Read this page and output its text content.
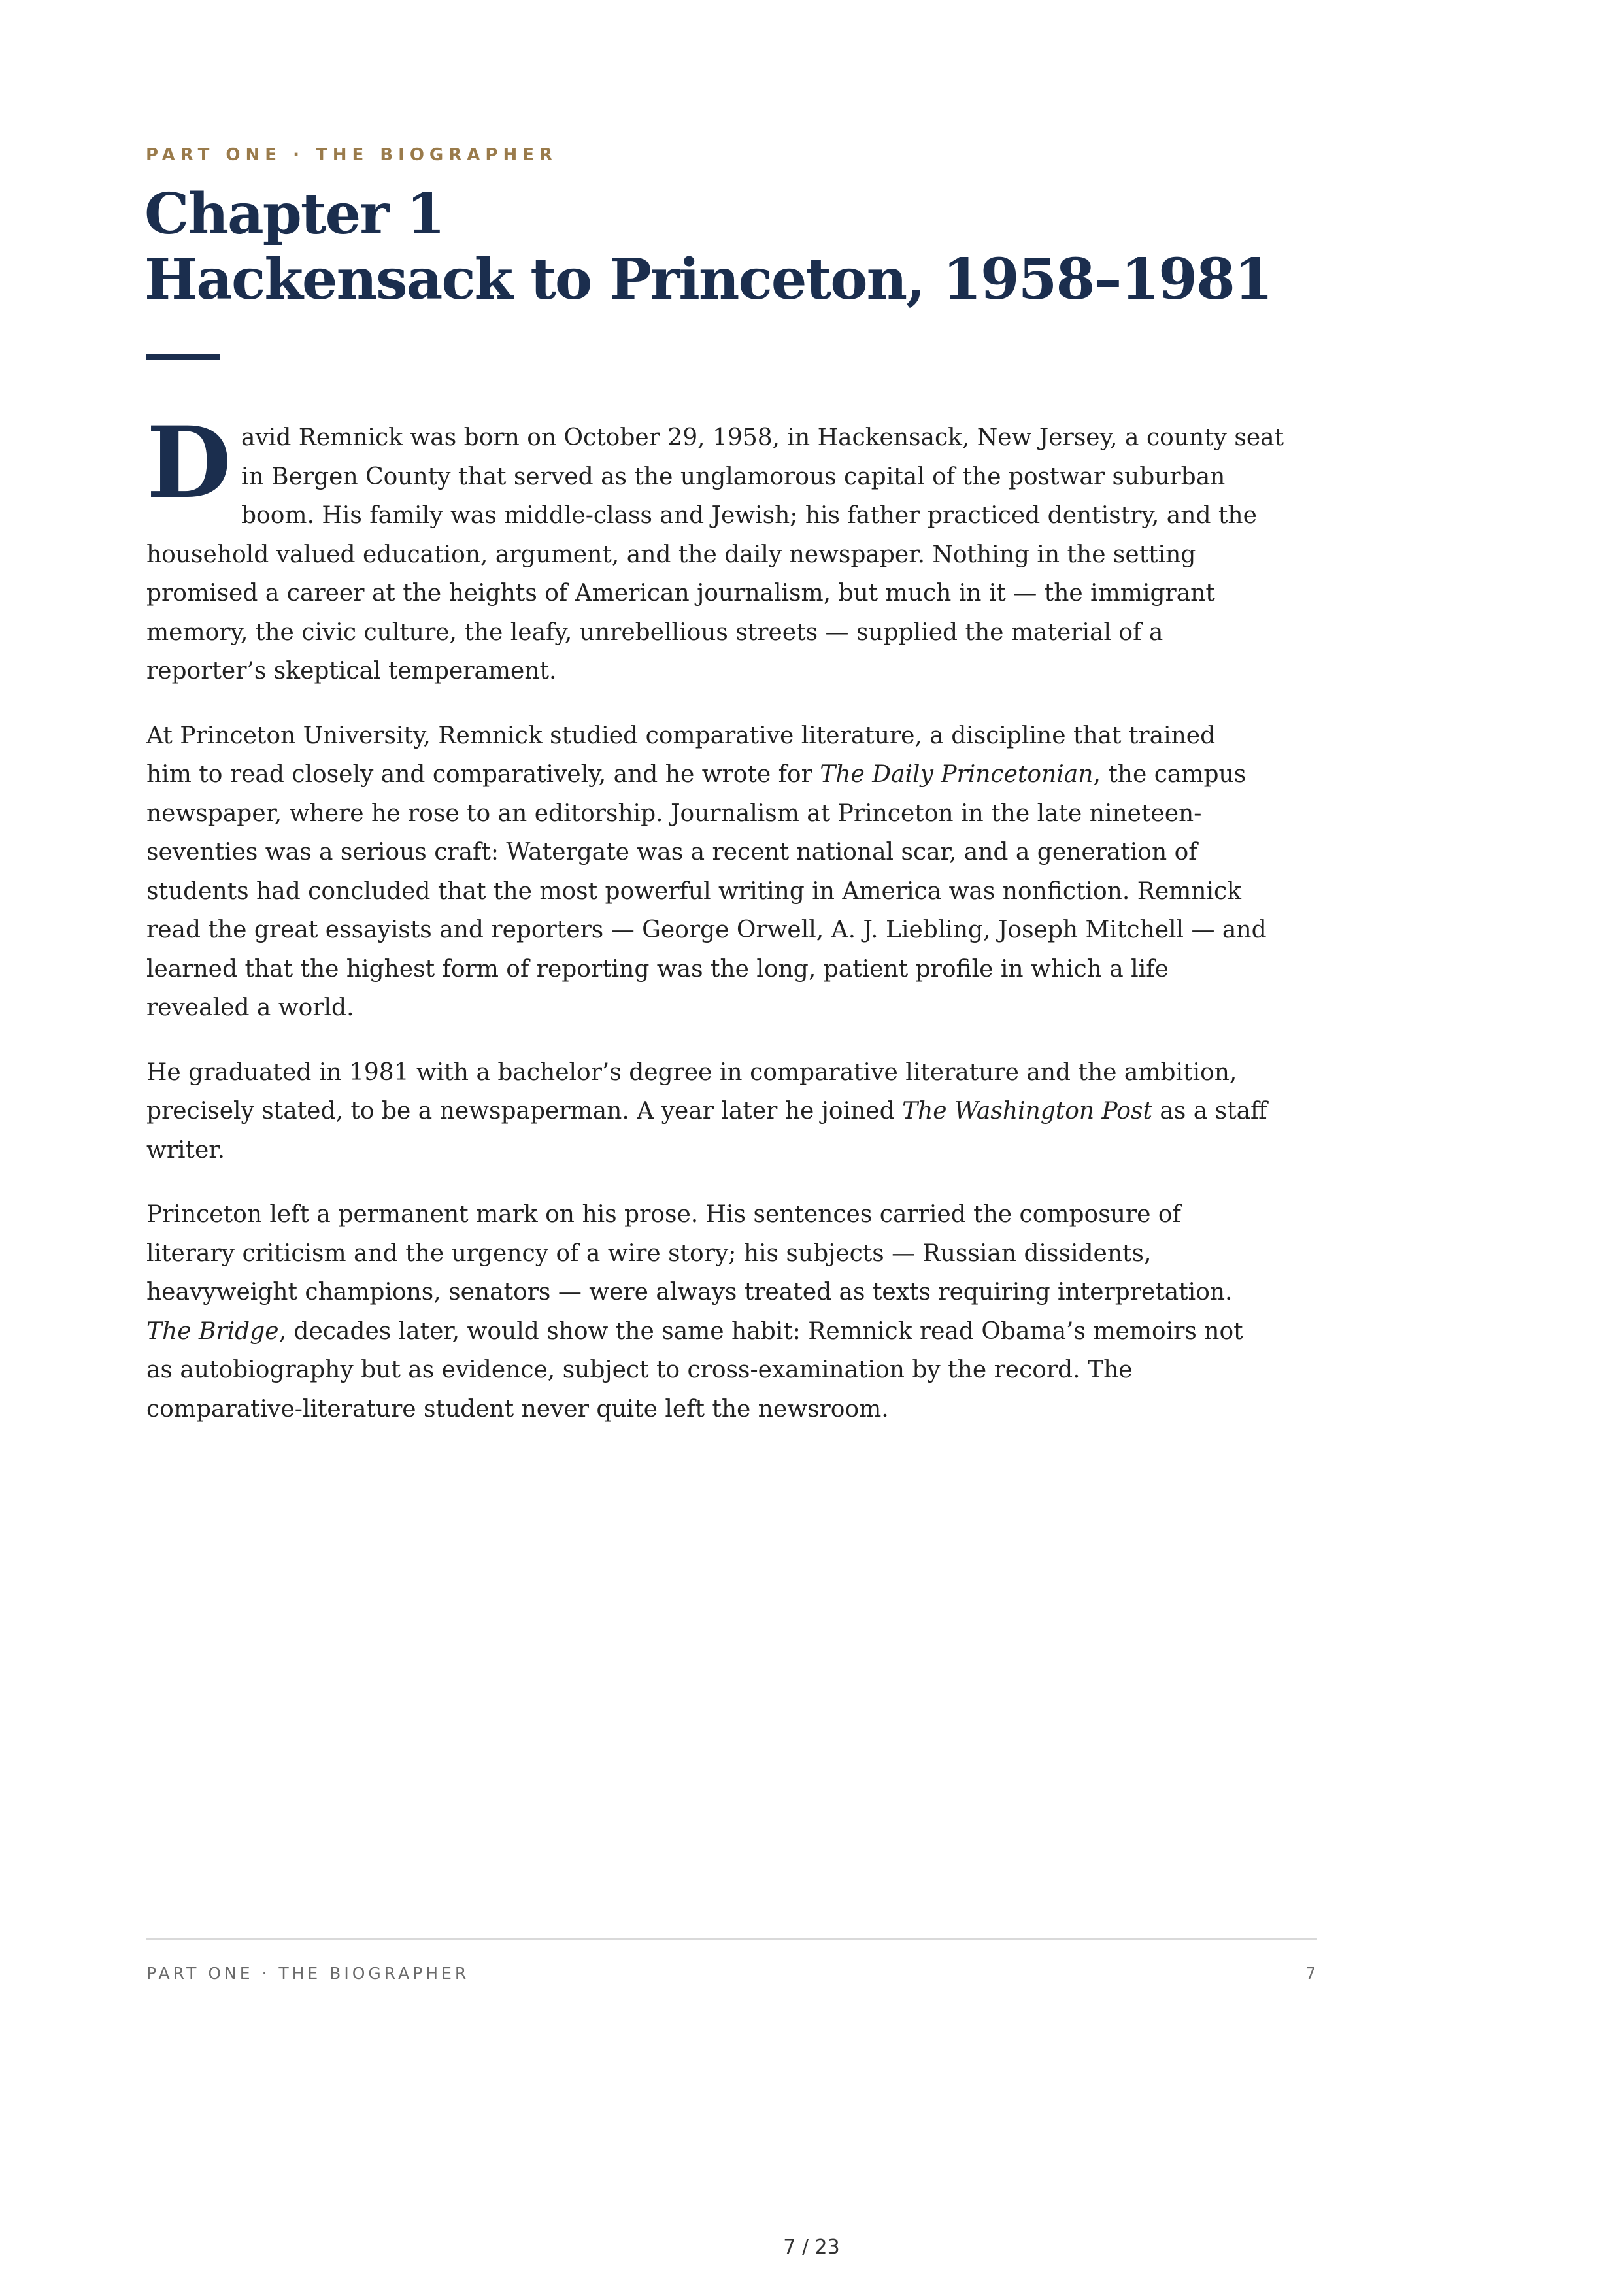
PART ONE · THE BIOGRAPHER
Chapter 1
Hackensack to Princeton, 1958–1981
D avid Remnick was born on October 29, 1958, in Hackensack, New Jersey, a county seat
in Bergen County that served as the unglamorous capital of the postwar suburban
boom. His family was middle-class and Jewish; his father practiced dentistry, and the
household valued education, argument, and the daily newspaper. Nothing in the setting
promised a career at the heights of American journalism, but much in it — the immigrant
memory, the civic culture, the leafy, unrebellious streets — supplied the material of a
reporter’s skeptical temperament.
At Princeton University, Remnick studied comparative literature, a discipline that trained
him to read closely and comparatively, and he wrote for The Daily Princetonian, the campus
newspaper, where he rose to an editorship. Journalism at Princeton in the late nineteen-
seventies was a serious craft: Watergate was a recent national scar, and a generation of
students had concluded that the most powerful writing in America was nonfiction. Remnick
read the great essayists and reporters — George Orwell, A. J. Liebling, Joseph Mitchell — and
learned that the highest form of reporting was the long, patient profile in which a life
revealed a world.
He graduated in 1981 with a bachelor’s degree in comparative literature and the ambition,
precisely stated, to be a newspaperman. A year later he joined The Washington Post as a staff
writer.
Princeton left a permanent mark on his prose. His sentences carried the composure of
literary criticism and the urgency of a wire story; his subjects — Russian dissidents,
heavyweight champions, senators — were always treated as texts requiring interpretation.
The Bridge, decades later, would show the same habit: Remnick read Obama’s memoirs not
as autobiography but as evidence, subject to cross-examination by the record. The
comparative-literature student never quite left the newsroom.
PART ONE · THE BIOGRAPHER	7
7 / 23
